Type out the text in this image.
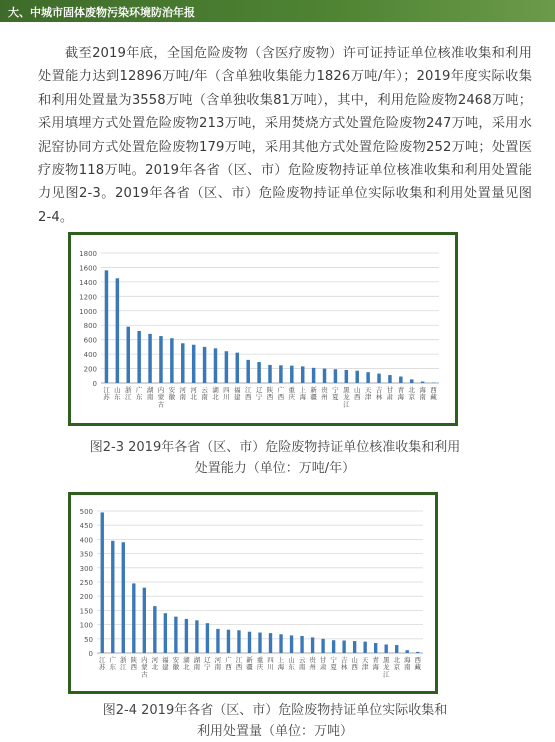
大、中城市固体废物污染环境防治年报
截至2019年底，全国危险废物（含医疗废物）许可证持证单位核准收集和利用处置能力达到12896万吨/年（含单独收集能力1826万吨/年）；2019年度实际收集和利用处置量为3558万吨（含单独收集81万吨），其中，利用危险废物2468万吨；采用填埋方式处置危险废物213万吨，采用焚烧方式处置危险废物247万吨，采用水泥窑协同方式处置危险废物179万吨，采用其他方式处置危险废物252万吨；处置医疗废物118万吨。2019年各省（区、市）危险废物持证单位核准收集和利用处置能力见图2-3。2019年各省（区、市）危险废物持证单位实际收集和利用处置量见图2-4。
0
200
400
600
800
1000
1200
1400
1600
1800
江苏
山东
浙江
广东
湖南
内蒙古
安徽
河南
河北
云南
湖北
四川
福建
江西
辽宁
陕西
广西
重庆
上海
新疆
贵州
宁夏
黑龙江
山西
天津
吉林
甘肃
青海
北京
海南
西藏
图2-3 2019年各省（区、市）危险废物持证单位核准收集和利用
处置能力（单位：万吨/年）
0
50
100
150
200
250
300
350
400
450
500
江苏
广东
浙江
陕西
内蒙古
河北
福建
安徽
湖北
湖南
辽宁
河南
广西
江西
新疆
重庆
四川
上海
山东
云南
贵州
甘肃
宁夏
吉林
山西
天津
青海
黑龙江
北京
海南
西藏
图2-4 2019年各省（区、市）危险废物持证单位实际收集和
利用处置量（单位：万吨）
